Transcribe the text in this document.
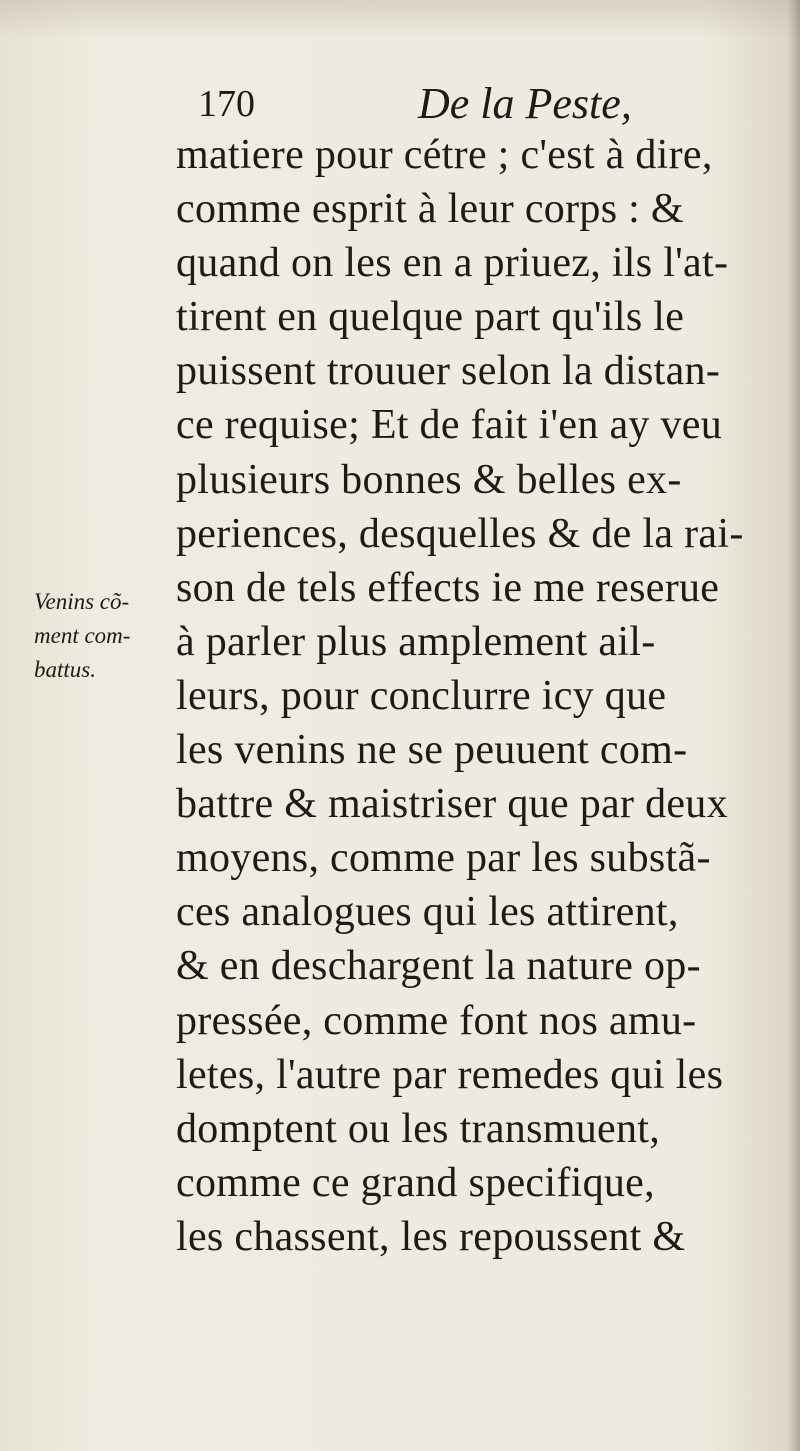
170	De la Peste,
Venins cõ-
ment com-
battus.
matiere pour cétre ; c'est à dire,
comme esprit à leur corps : &
quand on les en a priuez, ils l'at-
tirent en quelque part qu'ils le
puissent trouuer selon la distan-
ce requise; Et de fait i'en ay veu
plusieurs bonnes & belles ex-
periences, desquelles & de la rai-
son de tels effects ie me reserue
à parler plus amplement ail-
leurs, pour conclurre icy que
les venins ne se peuuent com-
battre & maistriser que par deux
moyens, comme par les substã-
ces analogues qui les attirent,
& en deschargent la nature op-
pressée, comme font nos amu-
letes, l'autre par remedes qui les
domptent ou les transmuent,
comme ce grand specifique,
les chassent, les repoussent &
